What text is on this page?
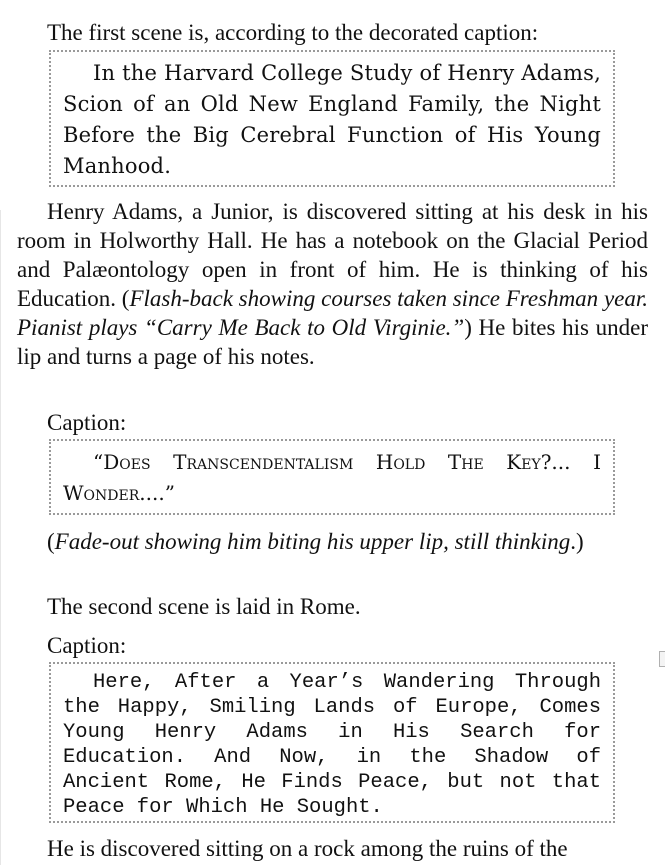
The first scene is, according to the decorated caption:

In the Harvard College Study of Henry Adams, Scion of an Old New England Family, the Night Before the Big Cerebral Function of His Young Manhood.

Henry Adams, a Junior, is discovered sitting at his desk in his room in Holworthy Hall. He has a notebook on the Glacial Period and Palæontology open in front of him. He is thinking of his Education. (Flash-back showing courses taken since Freshman year. Pianist plays “Carry Me Back to Old Virginie.”) He bites his under lip and turns a page of his notes.

Caption:

“Does Transcendentalism Hold The Key?... I Wonder....”

(Fade-out showing him biting his upper lip, still thinking.)

The second scene is laid in Rome.

Caption:

Here, After a Year’s Wandering Through the Happy, Smiling Lands of Europe, Comes Young Henry Adams in His Search for Education. And Now, in the Shadow of Ancient Rome, He Finds Peace, but not that Peace for Which He Sought.

He is discovered sitting on a rock among the ruins of the
